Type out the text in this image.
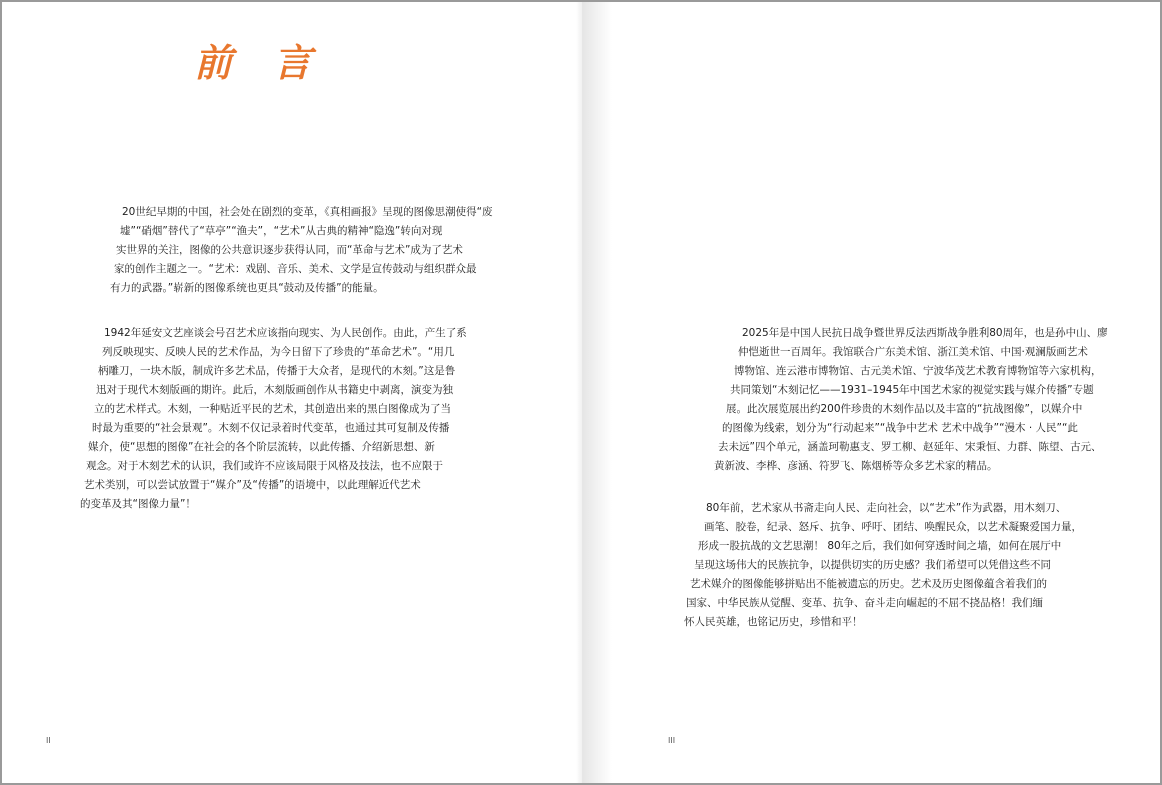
前 言
20世纪早期的中国，社会处在剧烈的变革，《真相画报》呈现的图像思潮使得“废
墟”“硝烟”替代了“草亭”“渔夫”，“艺术”从古典的精神“隐逸”转向对现
实世界的关注，图像的公共意识逐步获得认同，而“革命与艺术”成为了艺术
家的创作主题之一。“艺术：戏剧、音乐、美术、文学是宣传鼓动与组织群众最
有力的武器。”崭新的图像系统也更具“鼓动及传播”的能量。
1942年延安文艺座谈会号召艺术应该指向现实、为人民创作。由此，产生了系
列反映现实、反映人民的艺术作品，为今日留下了珍贵的“革命艺术”。“用几
柄雕刀，一块木版，制成许多艺术品，传播于大众者，是现代的木刻。”这是鲁
迅对于现代木刻版画的期许。此后，木刻版画创作从书籍史中剥离，演变为独
立的艺术样式。木刻，一种贴近平民的艺术，其创造出来的黑白图像成为了当
时最为重要的“社会景观”。木刻不仅记录着时代变革，也通过其可复制及传播
媒介，使“思想的图像”在社会的各个阶层流转，以此传播、介绍新思想、新
观念。对于木刻艺术的认识，我们或许不应该局限于风格及技法，也不应限于
艺术类别，可以尝试放置于“媒介”及“传播”的语境中，以此理解近代艺术
的变革及其“图像力量”！
II
2025年是中国人民抗日战争暨世界反法西斯战争胜利80周年，也是孙中山、廖
仲恺逝世一百周年。我馆联合广东美术馆、浙江美术馆、中国·观澜版画艺术
博物馆、连云港市博物馆、古元美术馆、宁波华茂艺术教育博物馆等六家机构，
共同策划“木刻记忆——1931–1945年中国艺术家的视觉实践与媒介传播”专题
展。此次展览展出约200件珍贵的木刻作品以及丰富的“抗战图像”，以媒介中
的图像为线索，划分为“行动起来”“战争中艺术 艺术中战争”“漫木 · 人民”“此
去未远”四个单元，涵盖珂勒惠支、罗工柳、赵延年、宋秉恒、力群、陈望、古元、
黄新波、李桦、彦涵、符罗飞、陈烟桥等众多艺术家的精品。
80年前，艺术家从书斋走向人民、走向社会，以“艺术”作为武器，用木刻刀、
画笔、胶卷，纪录、怒斥、抗争、呼吁、团结、唤醒民众，以艺术凝聚爱国力量，
形成一股抗战的文艺思潮！ 80年之后，我们如何穿透时间之墙，如何在展厅中
呈现这场伟大的民族抗争，以提供切实的历史感？我们希望可以凭借这些不同
艺术媒介的图像能够拼贴出不能被遗忘的历史。艺术及历史图像蕴含着我们的
国家、中华民族从觉醒、变革、抗争、奋斗走向崛起的不屈不挠品格！我们缅
怀人民英雄，也铭记历史，珍惜和平！
III
